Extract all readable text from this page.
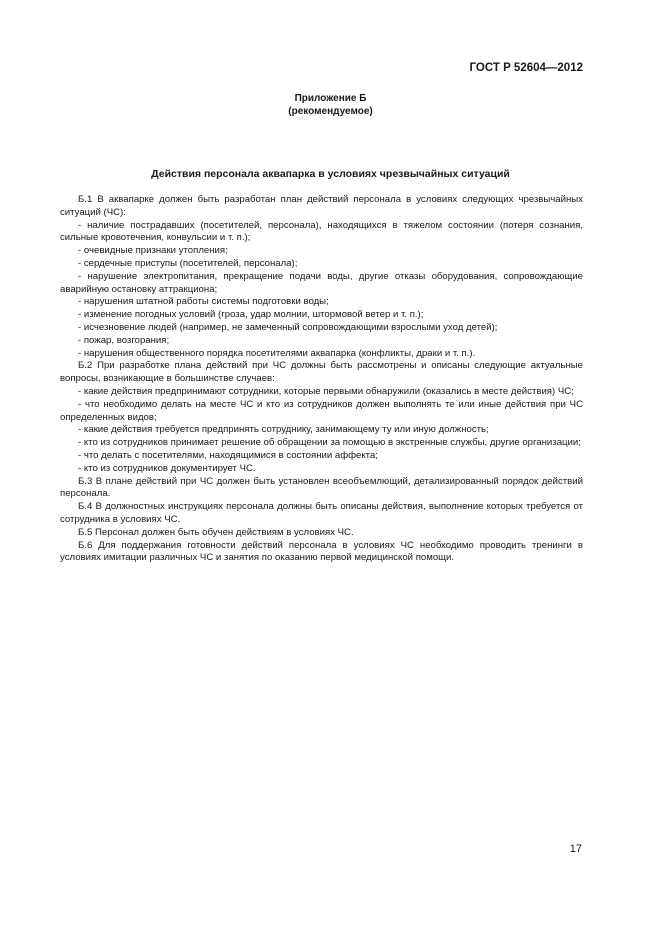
ГОСТ Р 52604—2012

Приложение Б
(рекомендуемое)

Действия персонала аквапарка в условиях чрезвычайных ситуаций

Б.1 В аквапарке должен быть разработан план действий персонала в условиях следующих чрезвычайных ситуаций (ЧС):

- наличие пострадавших (посетителей, персонала), находящихся в тяжелом состоянии (потеря сознания, сильные кровотечения, конвульсии и т. п.);

- очевидные признаки утопления;

- сердечные приступы (посетителей, персонала);

- нарушение электропитания, прекращение подачи воды, другие отказы оборудования, сопровождающие аварийную остановку аттракциона;

- нарушения штатной работы системы подготовки воды;

- изменение погодных условий (гроза, удар молнии, штормовой ветер и т. п.);

- исчезновение людей (например, не замеченный сопровождающими взрослыми уход детей);

- пожар, возгорания;

- нарушения общественного порядка посетителями аквапарка (конфликты, драки и т. п.).

Б.2 При разработке плана действий при ЧС должны быть рассмотрены и описаны следующие актуальные вопросы, возникающие в большинстве случаев:

- какие действия предпринимают сотрудники, которые первыми обнаружили (оказались в месте действия) ЧС;

- что необходимо делать на месте ЧС и кто из сотрудников должен выполнять те или иные действия при ЧС определенных видов;

- какие действия требуется предпринять сотруднику, занимающему ту или иную должность;

- кто из сотрудников принимает решение об обращении за помощью в экстренные службы, другие организации;

- что делать с посетителями, находящимися в состоянии аффекта;

- кто из сотрудников документирует ЧС.

Б.3 В плане действий при ЧС должен быть установлен всеобъемлющий, детализированный порядок действий персонала.

Б.4 В должностных инструкциях персонала должны быть описаны действия, выполнение которых требуется от сотрудника в условиях ЧС.

Б.5 Персонал должен быть обучен действиям в условиях ЧС.

Б.6 Для поддержания готовности действий персонала в условиях ЧС необходимо проводить тренинги в условиях имитации различных ЧС и занятия по оказанию первой медицинской помощи.

17
